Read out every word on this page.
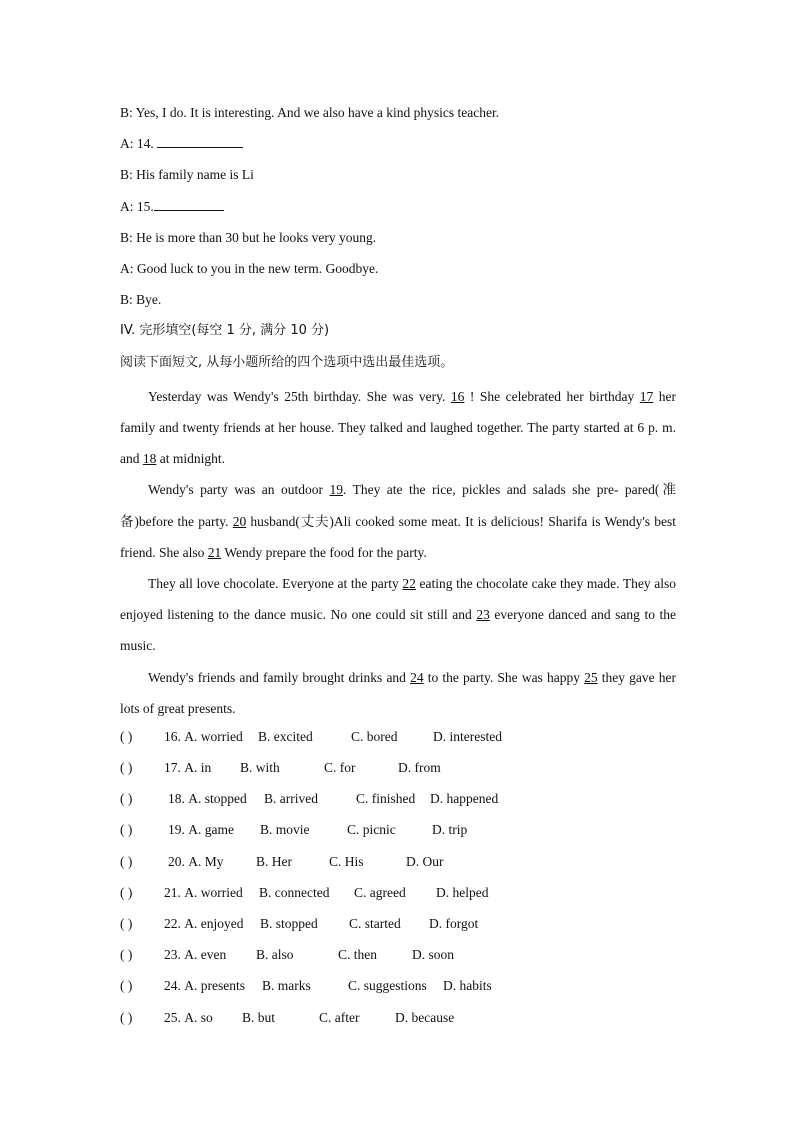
B: Yes, I do. It is interesting. And we also have a kind physics teacher.
A: 14.
B: His family name is Li
A: 15.
B: He is more than 30 but he looks very young.
A: Good luck to you in the new term. Goodbye.
B: Bye.
IV. 完形填空(每空 1 分, 满分 10 分)
阅读下面短文, 从每小题所给的四个选项中选出最佳选项。
Yesterday was Wendy's 25th birthday. She was very. 16 ! She celebrated her birthday 17 her family and twenty friends at her house. They talked and laughed together. The party started at 6 p. m. and 18 at midnight.
Wendy's party was an outdoor 19. They ate the rice, pickles and salads she pre- pared(准备)before the party. 20 husband(丈夫)Ali cooked some meat. It is delicious! Sharifa is Wendy's best friend. She also 21 Wendy prepare the food for the party.
They all love chocolate. Everyone at the party 22 eating the chocolate cake they made. They also enjoyed listening to the dance music. No one could sit still and 23 everyone danced and sang to the music.
Wendy's friends and family brought drinks and 24 to the party. She was happy 25 they gave her lots of great presents.
( )	16. A. worried	B. excited	C. bored	D. interested
( )	17. A. in	B. with	C. for	D. from
( )	18. A. stopped	B. arrived	C. finished	D. happened
( )	19. A. game	B. movie	C. picnic	D. trip
( )	20. A. My	B. Her	C. His	D. Our
( )	21. A. worried	B. connected	C. agreed	D. helped
( )	22. A. enjoyed	B. stopped	C. started	D. forgot
( )	23. A. even	B. also	C. then	D. soon
( )	24. A. presents	B. marks	C. suggestions	D. habits
( )	25. A. so	B. but	C. after	D. because
